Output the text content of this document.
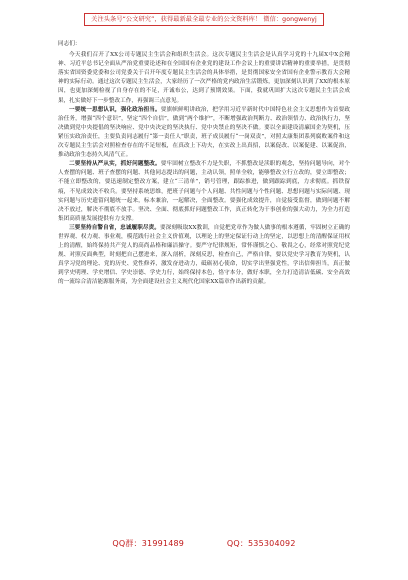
关注头条号“公文研究”，获得最新最全最专业的公文资料库！ 微信：gongwenyj

同志们：

今天我们召开了XX公司专题民主生活会和组织生活会。这次专题民主生活会是认真学习党的十九届X中X会精神、习近平总书记全面从严治党重要论述和在全国国有企业党的建设工作会议上的重要讲话精神的重要举措，是贯彻落实省国资委党委和公司党委关于召开年度专题民主生活会的具体举措，是贯彻国家安全省国有企业警示教育大会精神的实际行动。通过这次专题民主生活会，大家经历了一次严格的党内政治生活锻炼，更加深刻认识到了XX的根本原因，也更加深刻检视了自身存在的不足，开诚布公，达到了预期效果。下面，我就巩固扩大这次专题民主生活会成果，扎实做好下一步整改工作，再强调三点意见。

一要统一思想认识，强化政治担当。要旗帜鲜明讲政治，把学用习近平新时代中国特色社会主义思想作为首要政治任务，增强“四个意识”，坚定“四个自信”，做到“两个维护”，不断增强政治判断力、政治领悟力、政治执行力，坚决做到党中央提倡的坚决响应、党中央决定的坚决执行、党中央禁止的坚决不做。要以全面建设清廉国企为契机，压紧压实政治责任，主要负责同志履行“第一责任人”职责，班子成员履行“一岗双责”，对照太康集团系列腐败案件和这次专题民主生活会对照检查存在的不足短板，在真改上下功夫，在实改上出真招，以案促改、以案促建、以案促治，推动政治生态持久风清气正。

二要坚持从严从实，抓好问题整改。要牢固树立整改不力是失职，不抓整改是渎职的观念，坚持问题导向，对个人查摆的问题、班子查摆的问题、其他同志提出的问题，主动认领，照单全收，能够整改立行立改的，要立即整改；不能立即整改的，要迅速制定整改方案，建立“三清单”，销号管理，跟踪推进，做到跟踪到底，力求彻底。抓铁留痕，不见成效决不收兵。要坚持系统思维，把班子问题与个人问题、共性问题与个性问题、思想问题与实际问题、现实问题与历史遗留问题统一起来，标本兼治，一起解决，全面整改。要强化成效提升，自觉接受监督，做到问题不解决不放过，解决不彻底不放手。坚决、全面、彻底抓好问题整改工作，真正转化为干事创业的强大动力，为全力打造集团高质量发展提供有力支撑。

三要坚持自警自省，忠诚履职尽责。要深刻吸取XX教训，自觉把党章作为做人做事的根本遵循，牢固树立正确的世界观、权力观、事业观，模范践行社会主义价值观，以理论上的坚定保证行动上的坚定，以思想上的清醒保证用权上的清醒，始终保持共产党人的高尚品格和廉洁操守。要严守纪律规矩，常怀谨慎之心、敬畏之心，经常对照党纪党规、对照反面典型，时刻把自己摆进来，深入剖析，深刻反思，检查自己，严格自律，要以党史学习教育为契机，认真学习党的理论、党的历史、党性修养，激发奋进动力，砥砺初心使命，切实学出坚强党性，学出信仰担当，真正做到学史明理、学史增信、学史崇德、学史力行，始终保持本色，恪守本分，做好本职，全力打造清洁低碳、安全高效的一流综合清洁能源服务商，为全面建设社会主义现代化国家XX篇章作出新的贡献。

QQ群：31991489	QQ：535304092
